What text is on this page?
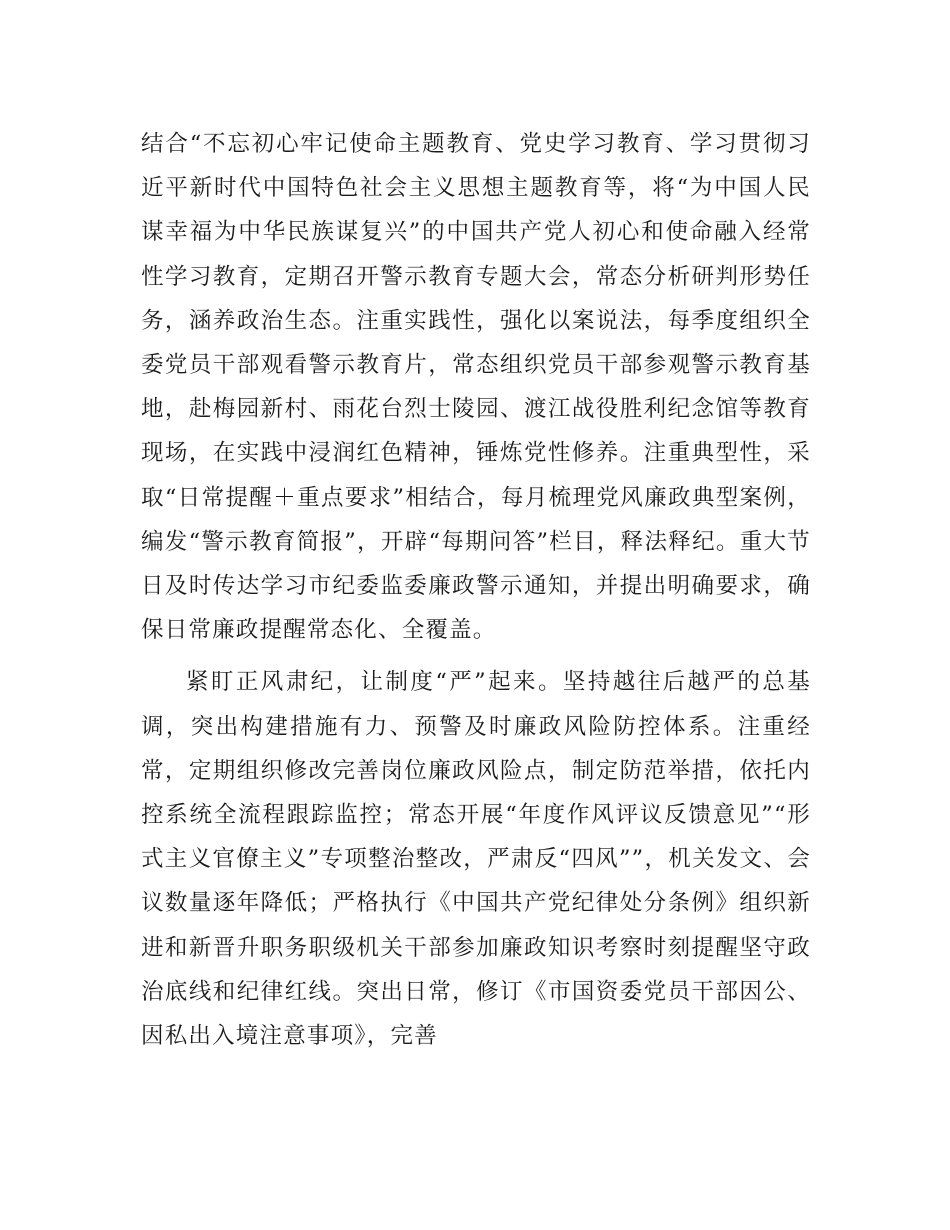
结合“不忘初心牢记使命主题教育、党史学习教育、学习贯彻习近平新时代中国特色社会主义思想主题教育等，将“为中国人民谋幸福为中华民族谋复兴”的中国共产党人初心和使命融入经常性学习教育，定期召开警示教育专题大会，常态分析研判形势任务，涵养政治生态。注重实践性，强化以案说法，每季度组织全委党员干部观看警示教育片，常态组织党员干部参观警示教育基地，赴梅园新村、雨花台烈士陵园、渡江战役胜利纪念馆等教育现场，在实践中浸润红色精神，锤炼党性修养。注重典型性，采取“日常提醒＋重点要求”相结合，每月梳理党风廉政典型案例，编发“警示教育简报”，开辟“每期问答”栏目，释法释纪。重大节日及时传达学习市纪委监委廉政警示通知，并提出明确要求，确保日常廉政提醒常态化、全覆盖。

紧盯正风肃纪，让制度“严”起来。坚持越往后越严的总基调，突出构建措施有力、预警及时廉政风险防控体系。注重经常，定期组织修改完善岗位廉政风险点，制定防范举措，依托内控系统全流程跟踪监控；常态开展“年度作风评议反馈意见”“形式主义官僚主义”专项整治整改，严肃反“四风””，机关发文、会议数量逐年降低；严格执行《中国共产党纪律处分条例》组织新进和新晋升职务职级机关干部参加廉政知识考察时刻提醒坚守政治底线和纪律红线。突出日常，修订《市国资委党员干部因公、因私出入境注意事项》，完善
